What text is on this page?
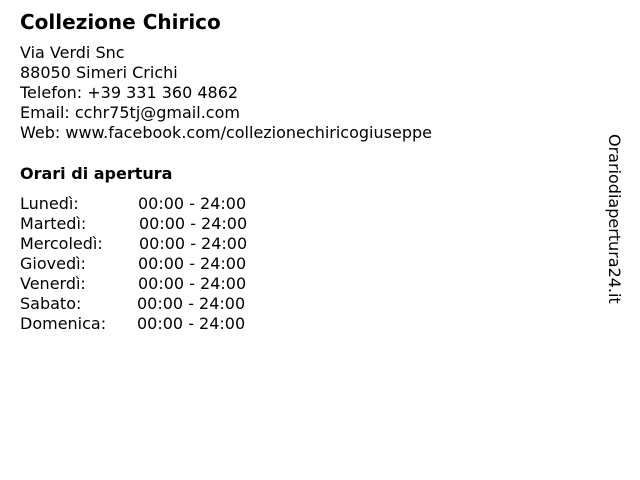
Collezione Chirico
Via Verdi Snc
88050 Simeri Crichi
Telefon: +39 331 360 4862
Email: cchr75tj@gmail.com
Web: www.facebook.com/collezionechiricogiuseppe
Orari di apertura
Lunedì:	00:00 - 24:00
Martedì:	00:00 - 24:00
Mercoledì: 00:00 - 24:00
Giovedì:	00:00 - 24:00
Venerdì:	00:00 - 24:00
Sabato:	00:00 - 24:00
Domenica: 00:00 - 24:00
Orariodiapertura24.it
